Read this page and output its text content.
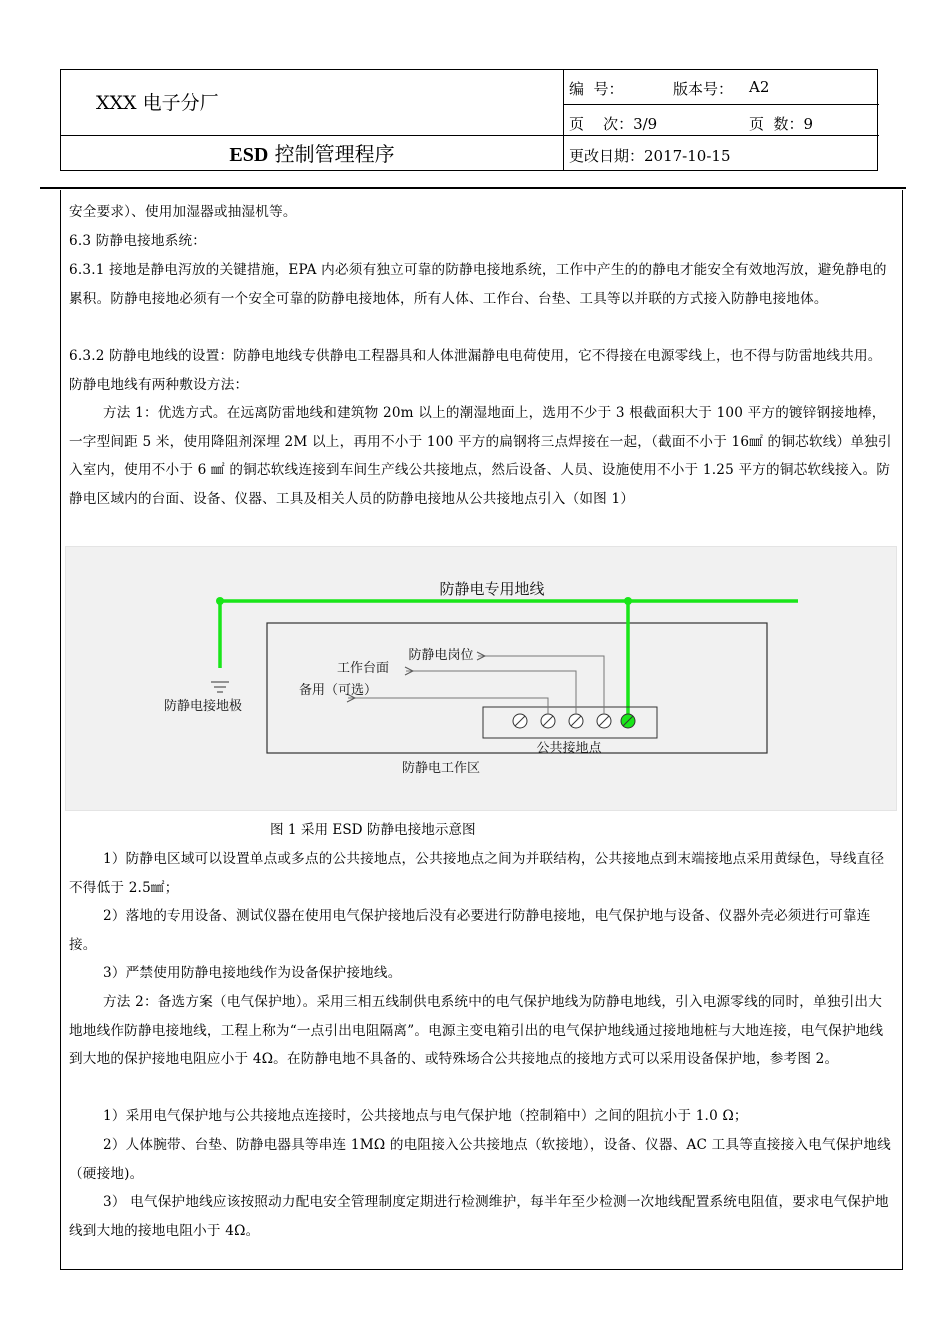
XXX 电子分厂
ESD 控制管理程序
编  号：	版本号： A2
页    次：3/9	页  数：9
更改日期：2017-10-15
安全要求）、使用加湿器或抽湿机等。
6.3 防静电接地系统：
6.3.1 接地是静电泻放的关键措施，EPA 内必须有独立可靠的防静电接地系统，工作中产生的的静电才能安全有效地泻放，避免静电的累积。防静电接地必须有一个安全可靠的防静电接地体，所有人体、工作台、台垫、工具等以并联的方式接入防静电接地体。
6.3.2 防静电地线的设置：防静电地线专供静电工程器具和人体泄漏静电电荷使用，它不得接在电源零线上，也不得与防雷地线共用。防静电地线有两种敷设方法：
方法 1：优选方式。在远离防雷地线和建筑物 20m 以上的潮湿地面上，选用不少于 3 根截面积大于 100 平方的镀锌钢接地棒，一字型间距 5 米，使用降阻剂深埋 2M 以上，再用不小于 100 平方的扁钢将三点焊接在一起，（截面不小于 16㎟ 的铜芯软线）单独引入室内，使用不小于 6 ㎟ 的铜芯软线连接到车间生产线公共接地点，然后设备、人员、设施使用不小于 1.25 平方的铜芯软线接入。防静电区域内的台面、设备、仪器、工具及相关人员的防静电接地从公共接地点引入（如图 1）
防静电专用地线
防静电岗位
工作台面
备用（可选）
防静电接地极
公共接地点
防静电工作区
图 1 采用 ESD 防静电接地示意图
1）防静电区域可以设置单点或多点的公共接地点，公共接地点之间为并联结构，公共接地点到末端接地点采用黄绿色，导线直径不得低于 2.5㎟；
2）落地的专用设备、测试仪器在使用电气保护接地后没有必要进行防静电接地，电气保护地与设备、仪器外壳必须进行可靠连接。
3）严禁使用防静电接地线作为设备保护接地线。
方法 2：备选方案（电气保护地）。采用三相五线制供电系统中的电气保护地线为防静电地线，引入电源零线的同时，单独引出大地地线作防静电接地线，工程上称为“一点引出电阻隔离”。电源主变电箱引出的电气保护地线通过接地地桩与大地连接，电气保护地线到大地的保护接地电阻应小于 4Ω。在防静电地不具备的、或特殊场合公共接地点的接地方式可以采用设备保护地，参考图 2。
1）采用电气保护地与公共接地点连接时，公共接地点与电气保护地（控制箱中）之间的阻抗小于 1.0 Ω；
2）人体腕带、台垫、防静电器具等串连 1MΩ 的电阻接入公共接地点（软接地），设备、仪器、AC 工具等直接接入电气保护地线（硬接地)。
3） 电气保护地线应该按照动力配电安全管理制度定期进行检测维护，每半年至少检测一次地线配置系统电阻值，要求电气保护地线到大地的接地电阻小于 4Ω。
